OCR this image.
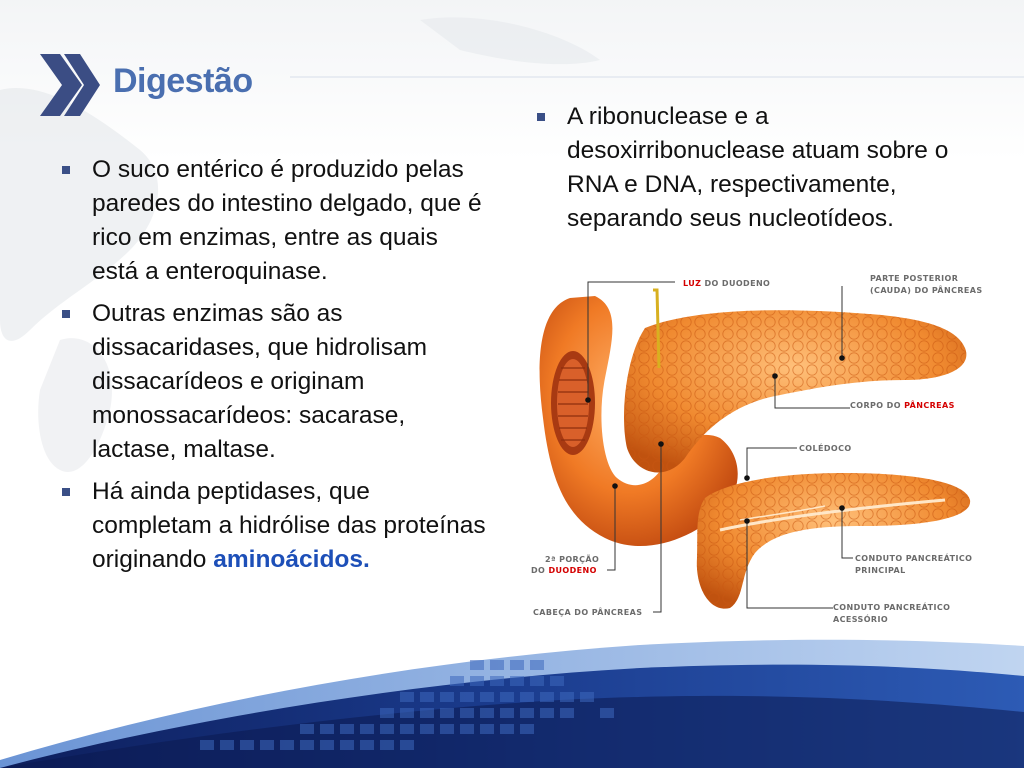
Digestão
O suco entérico é produzido pelas paredes do intestino delgado, que é rico em enzimas, entre as quais está a enteroquinase.
Outras enzimas são as dissacaridases, que hidrolisam dissacarídeos e originam monossacarídeos: sacarase, lactase, maltase.
Há ainda peptidases, que completam a hidrólise das proteínas originando aminoácidos.
A ribonuclease e a desoxirribonuclease atuam sobre o RNA e DNA, respectivamente, separando seus nucleotídeos.
LUZ DO DUODENO
PARTE POSTERIOR
(CAUDA) DO PÂNCREAS
CORPO DO PÂNCREAS
COLÉDOCO
2ª PORÇÃO
DO DUODENO
CONDUTO PANCREÁTICO
PRINCIPAL
CABEÇA DO PÂNCREAS
CONDUTO PANCREÁTICO
ACESSÓRIO
